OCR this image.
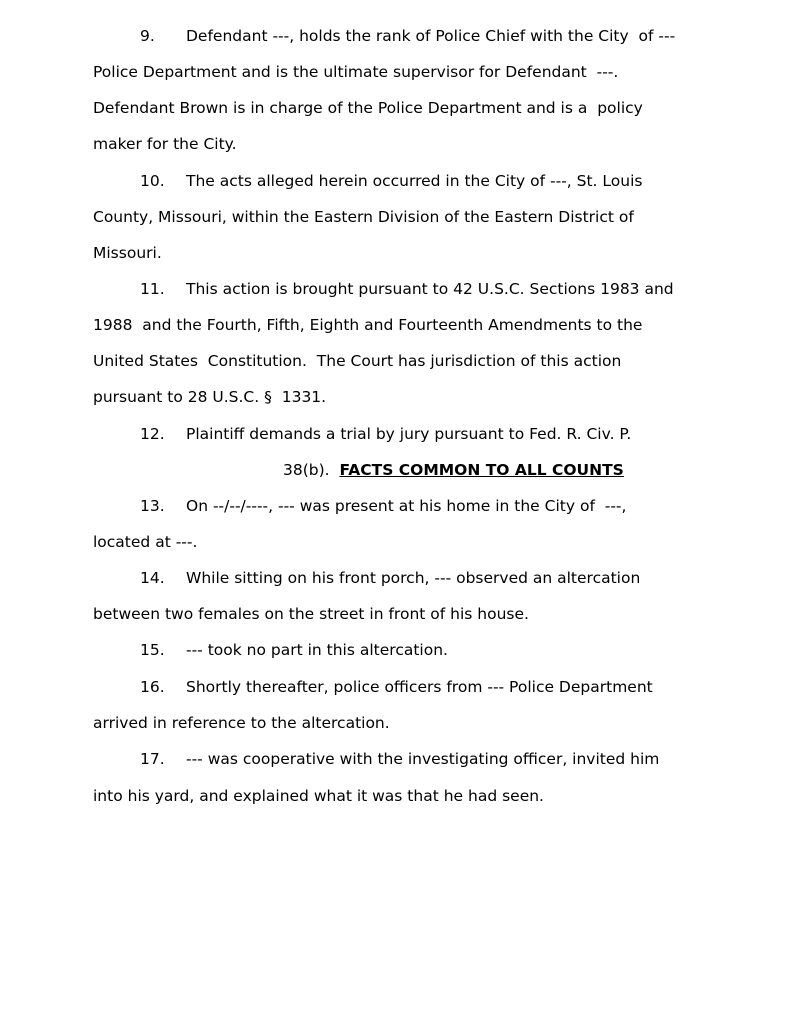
9. Defendant ---, holds the rank of Police Chief with the City  of ---
Police Department and is the ultimate supervisor for Defendant  ---.
Defendant Brown is in charge of the Police Department and is a  policy
maker for the City.
10. The acts alleged herein occurred in the City of ---, St. Louis
County, Missouri, within the Eastern Division of the Eastern District of
Missouri.
11. This action is brought pursuant to 42 U.S.C. Sections 1983 and
1988  and the Fourth, Fifth, Eighth and Fourteenth Amendments to the
United States  Constitution.  The Court has jurisdiction of this action
pursuant to 28 U.S.C. §  1331.
12. Plaintiff demands a trial by jury pursuant to Fed. R. Civ. P.
38(b). FACTS COMMON TO ALL COUNTS
13. On --/--/----, --- was present at his home in the City of  ---,
located at ---.
14. While sitting on his front porch, --- observed an altercation
between two females on the street in front of his house.
15. --- took no part in this altercation.
16. Shortly thereafter, police officers from --- Police Department
arrived in reference to the altercation.
17. --- was cooperative with the investigating officer, invited him
into his yard, and explained what it was that he had seen.
